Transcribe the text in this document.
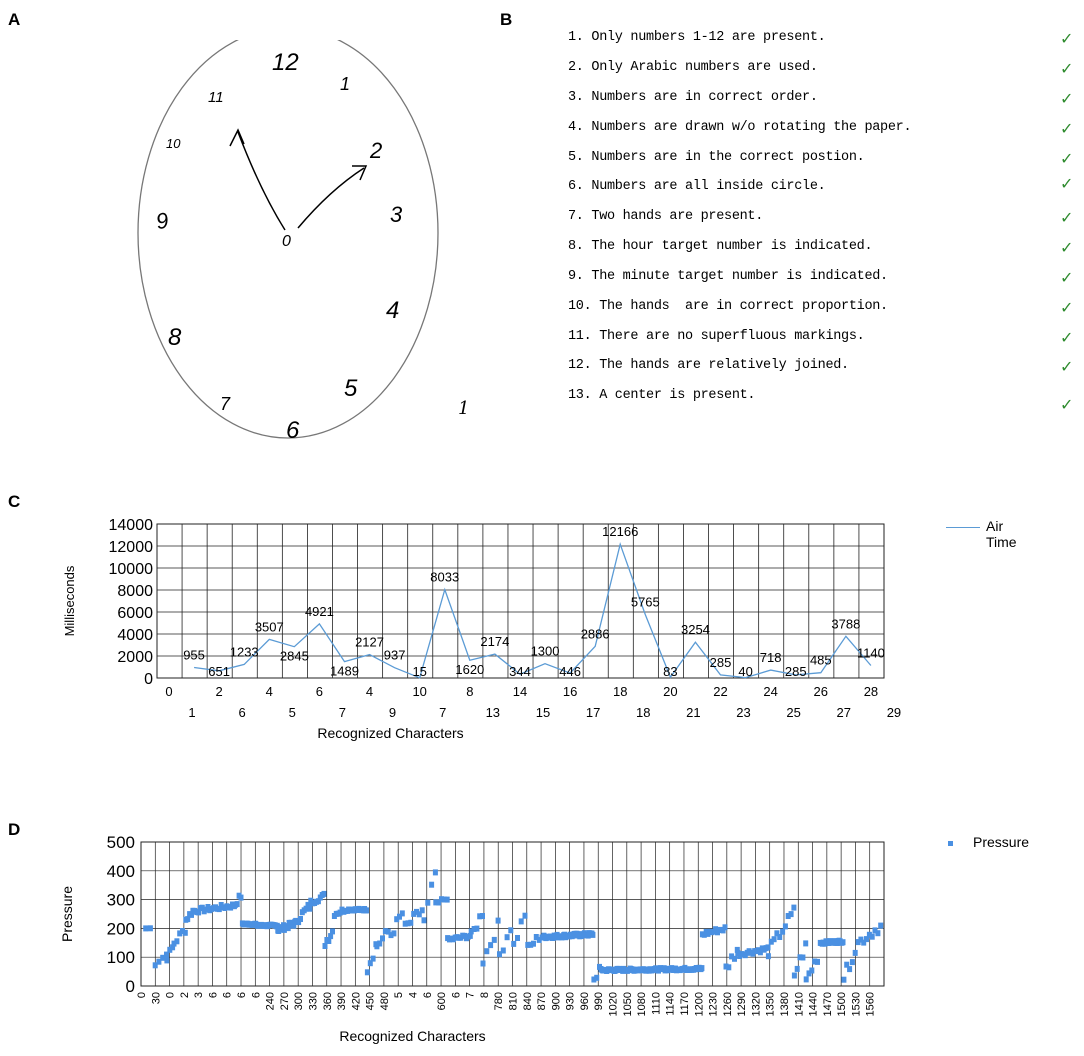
A	B
C
D
12
1
2
3
4
5
6
7
8
9
10
11
0
1
1. Only numbers 1-12 are present.
2. Only Arabic numbers are used.
3. Numbers are in correct order.
4. Numbers are drawn w/o rotating the paper.
5. Numbers are in the correct postion.
6. Numbers are all inside circle.
7. Two hands are present.
8. The hour target number is indicated.
9. The minute target number is indicated.
10. The hands  are in correct proportion.
11. There are no superfluous markings.
12. The hands are relatively joined.
13. A center is present.
✓
✓
✓
✓
✓
✓
✓
✓
✓
✓
✓
✓
✓
0
2000
4000
6000
8000
10000
12000
14000
0	2	4	6	4	10	8	14	16	18	20	22	24	26	28
1	6	5	7	9	7	13	15	17	18	21	23	25	27	29
Milliseconds
Recognized Characters
955
651
1233
3507
2845
4921
1489
2127
937
15
8033
1620
2174
344
1300
446
2886
12166
5765
83
3254
285
40
718
285
485
3788
1140
Air Time
0
100
200
300
400
500
0 30 0 2 3 6 6 6 6 240 270 300 330 360 390 420 450 480 5 4 6 600 6 7 8 780 810 840 870 900 930 960 990 1020 1050 1080 1110 1140 1170 1200 1230 1260 1290 1320 1350 1380 1410 1440 1470 1500 1530 1560
Pressure
Recognized Characters
Pressure
